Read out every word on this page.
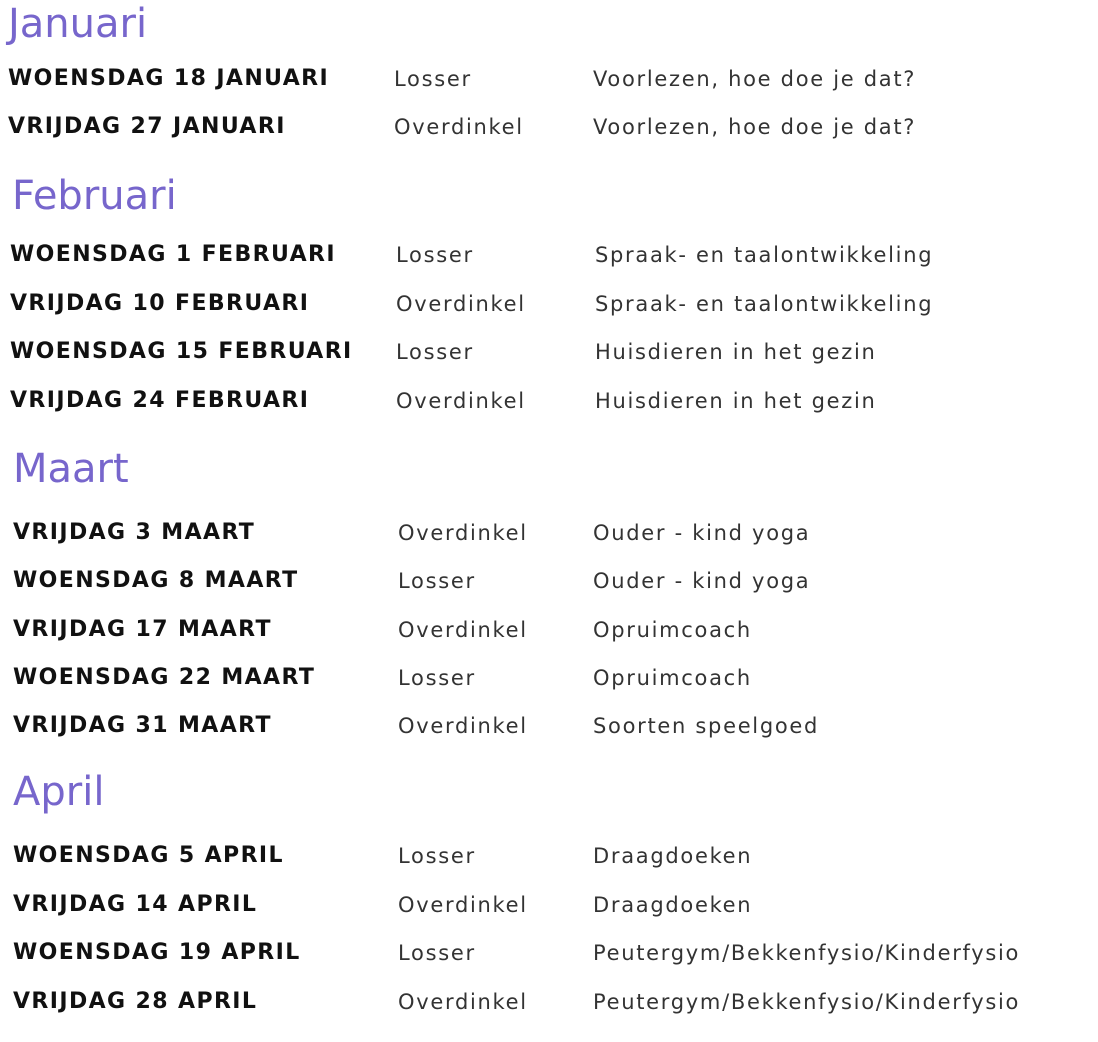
Januari
WOENSDAG 18 JANUARI	Losser	Voorlezen, hoe doe je dat?
VRIJDAG 27 JANUARI	Overdinkel	Voorlezen, hoe doe je dat?
Februari
WOENSDAG 1 FEBRUARI	Losser	Spraak- en taalontwikkeling
VRIJDAG 10 FEBRUARI	Overdinkel	Spraak- en taalontwikkeling
WOENSDAG 15 FEBRUARI Losser	Huisdieren in het gezin
VRIJDAG 24 FEBRUARI	Overdinkel	Huisdieren in het gezin
Maart
VRIJDAG 3 MAART	Overdinkel	Ouder - kind yoga
WOENSDAG 8 MAART	Losser	Ouder - kind yoga
VRIJDAG 17 MAART	Overdinkel	Opruimcoach
WOENSDAG 22 MAART	Losser	Opruimcoach
VRIJDAG 31 MAART	Overdinkel	Soorten speelgoed
April
WOENSDAG 5 APRIL	Losser	Draagdoeken
VRIJDAG 14 APRIL	Overdinkel	Draagdoeken
WOENSDAG 19 APRIL	Losser	Peutergym/Bekkenfysio/Kinderfysio
VRIJDAG 28 APRIL	Overdinkel	Peutergym/Bekkenfysio/Kinderfysio
